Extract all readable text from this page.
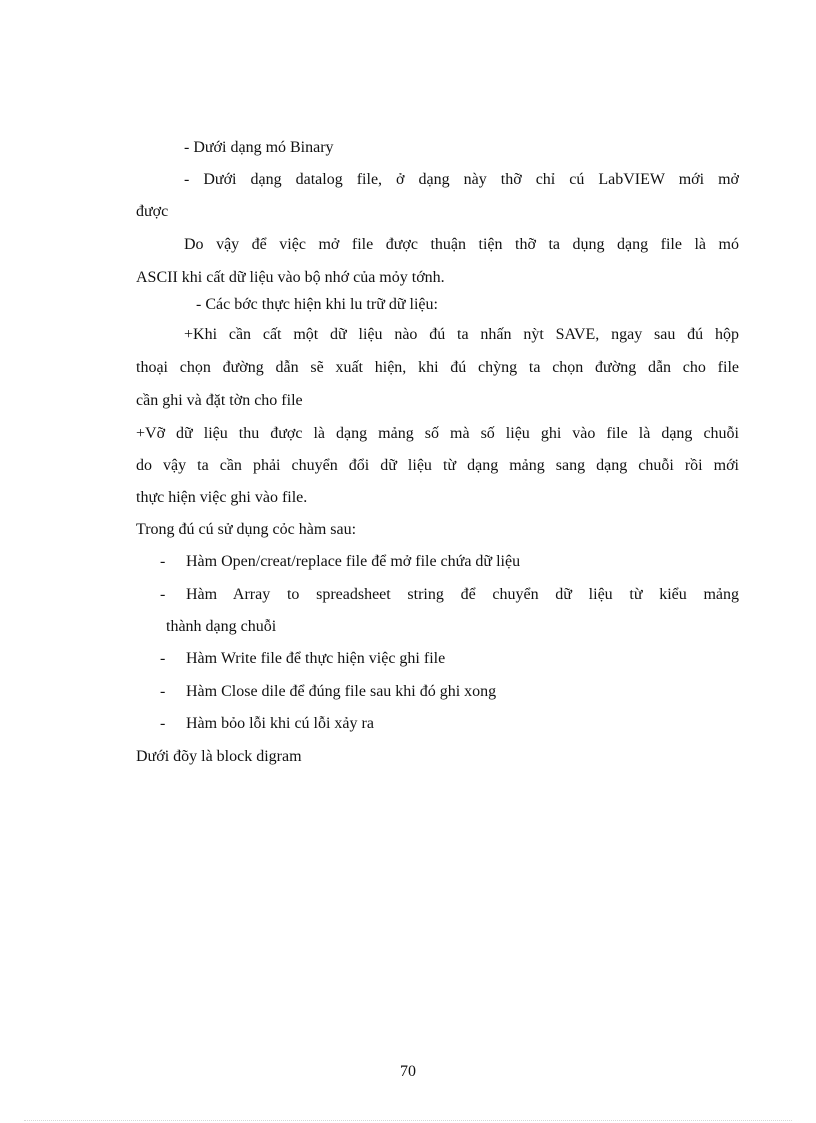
- Dưới dạng mó Binary
- Dưới dạng datalog file, ở dạng này thỡ chỉ cú LabVIEW mới mở
được
Do vậy để việc mở file được thuận tiện thỡ ta dụng dạng file là mó
ASCII khi cất dữ liệu vào bộ nhớ của mỏy tớnh.
- Các bớc thực hiện khi lu trữ dữ liệu:
+Khi cần cất một dữ liệu nào đú ta nhấn nỳt SAVE, ngay sau đú hộp
thoại chọn đường dẫn sẽ xuất hiện, khi đú chỳng ta chọn đường dẫn cho file
cần ghi và đặt tờn cho file
+Vỡ dữ liệu thu được là dạng mảng số mà số liệu ghi vào file là dạng chuỗi
do vậy ta cần phải chuyển đổi dữ liệu từ dạng mảng sang dạng chuỗi rồi mới
thực hiện việc ghi vào file.
Trong đú cú sử dụng cỏc hàm sau:
- Hàm Open/creat/replace file để mở file chứa dữ liệu
- Hàm Array to spreadsheet string để chuyển dữ liệu từ kiểu mảng
thành dạng chuỗi
- Hàm Write file để thực hiện việc ghi file
- Hàm Close dile để đúng file sau khi đó ghi xong
- Hàm bỏo lỗi khi cú lỗi xảy ra
Dưới đõy là block digram
70
